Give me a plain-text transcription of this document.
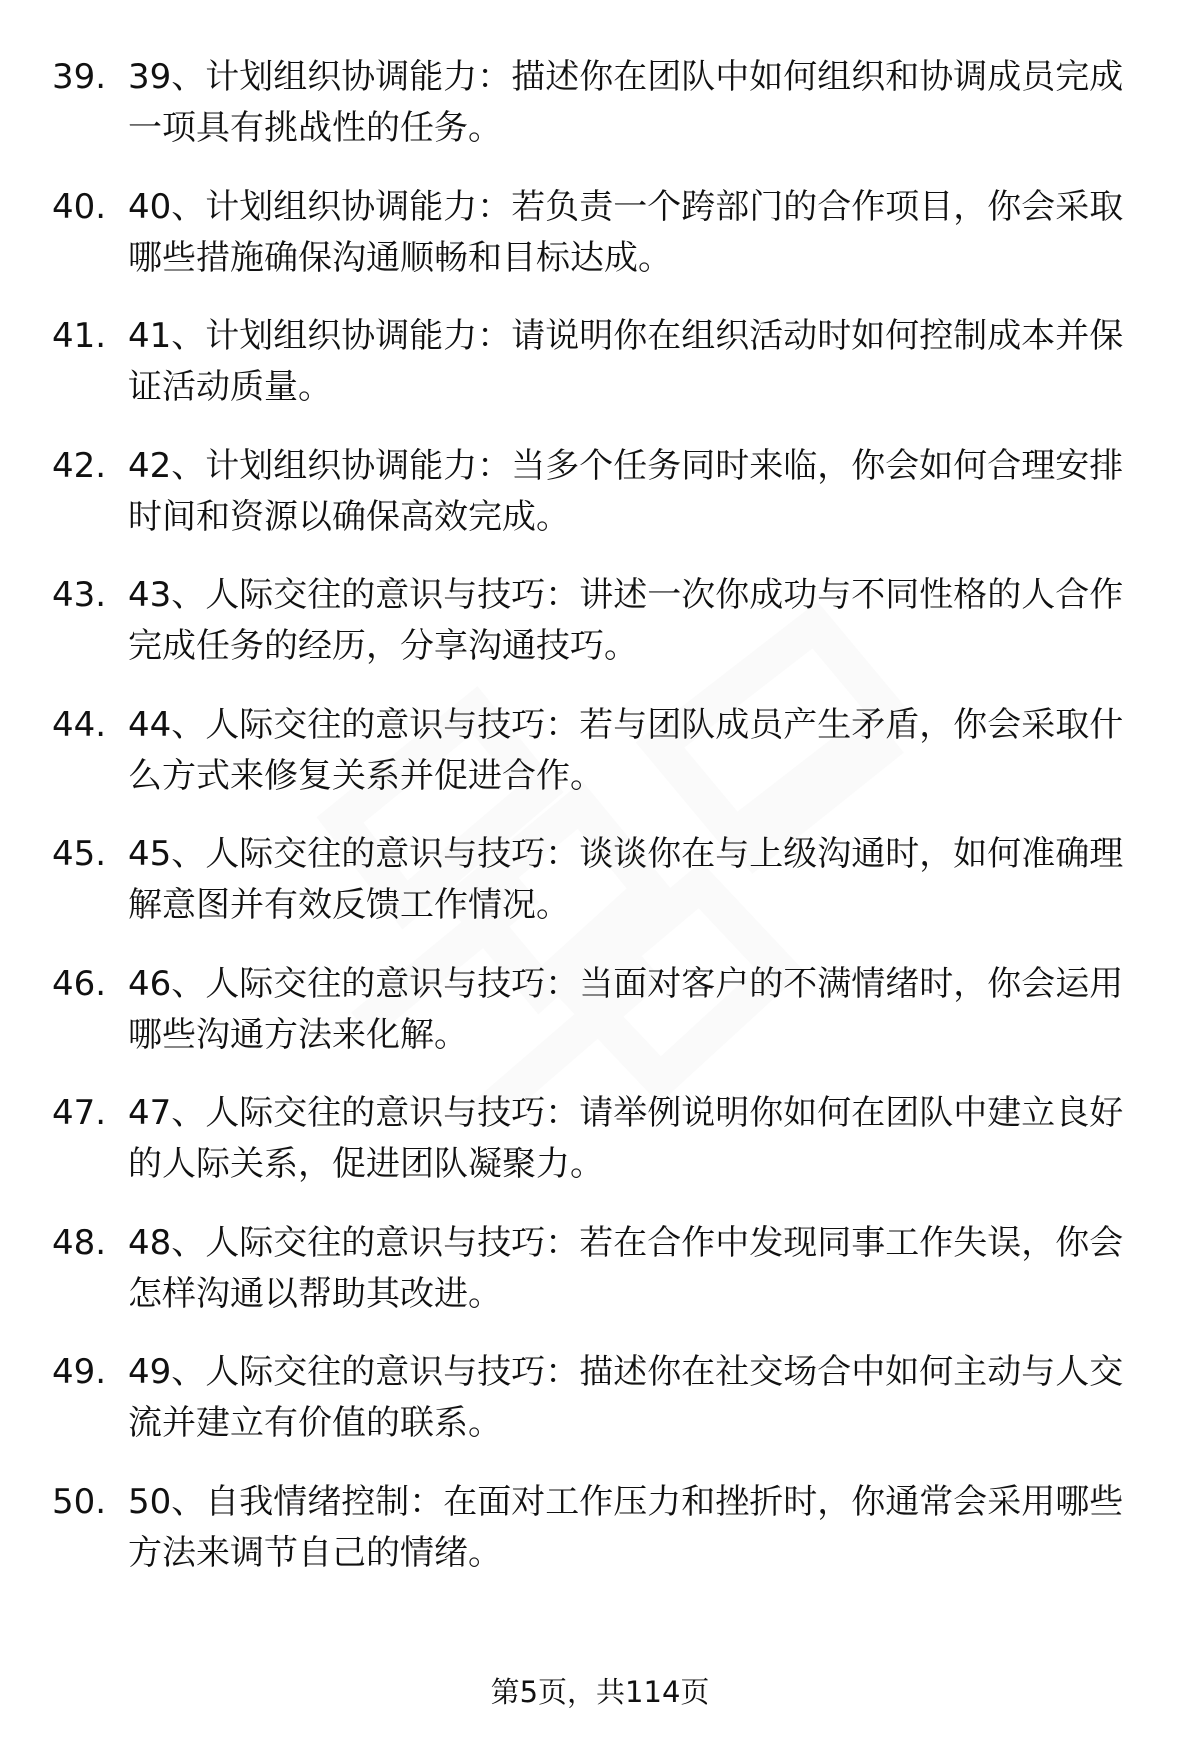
39. 39、计划组织协调能力：描述你在团队中如何组织和协调成员完成一项具有挑战性的任务。
40. 40、计划组织协调能力：若负责一个跨部门的合作项目，你会采取哪些措施确保沟通顺畅和目标达成。
41. 41、计划组织协调能力：请说明你在组织活动时如何控制成本并保证活动质量。
42. 42、计划组织协调能力：当多个任务同时来临，你会如何合理安排时间和资源以确保高效完成。
43. 43、人际交往的意识与技巧：讲述一次你成功与不同性格的人合作完成任务的经历，分享沟通技巧。
44. 44、人际交往的意识与技巧：若与团队成员产生矛盾，你会采取什么方式来修复关系并促进合作。
45. 45、人际交往的意识与技巧：谈谈你在与上级沟通时，如何准确理解意图并有效反馈工作情况。
46. 46、人际交往的意识与技巧：当面对客户的不满情绪时，你会运用哪些沟通方法来化解。
47. 47、人际交往的意识与技巧：请举例说明你如何在团队中建立良好的人际关系，促进团队凝聚力。
48. 48、人际交往的意识与技巧：若在合作中发现同事工作失误，你会怎样沟通以帮助其改进。
49. 49、人际交往的意识与技巧：描述你在社交场合中如何主动与人交流并建立有价值的联系。
50. 50、自我情绪控制：在面对工作压力和挫折时，你通常会采用哪些方法来调节自己的情绪。
第5页，共114页
